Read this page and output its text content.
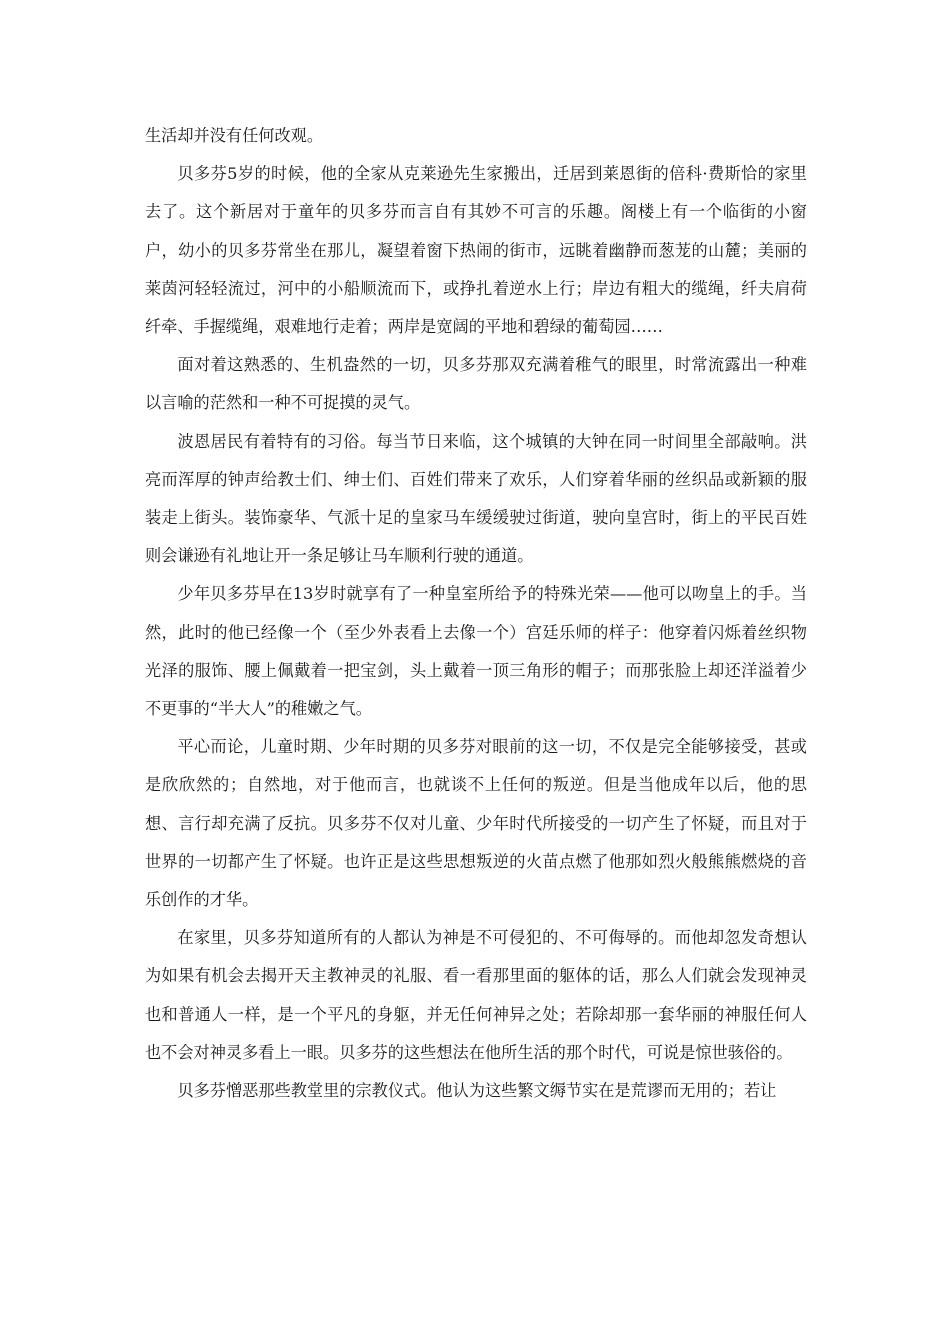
生活却并没有任何改观。

贝多芬5岁的时候，他的全家从克莱逊先生家搬出，迁居到莱恩街的倍科·费斯恰的家里去了。这个新居对于童年的贝多芬而言自有其妙不可言的乐趣。阁楼上有一个临街的小窗户，幼小的贝多芬常坐在那儿，凝望着窗下热闹的街市，远眺着幽静而葱茏的山麓；美丽的莱茵河轻轻流过，河中的小船顺流而下，或挣扎着逆水上行；岸边有粗大的缆绳，纤夫肩荷纤牵、手握缆绳，艰难地行走着；两岸是宽阔的平地和碧绿的葡萄园……

面对着这熟悉的、生机盎然的一切，贝多芬那双充满着稚气的眼里，时常流露出一种难以言喻的茫然和一种不可捉摸的灵气。

波恩居民有着特有的习俗。每当节日来临，这个城镇的大钟在同一时间里全部敲响。洪亮而浑厚的钟声给教士们、绅士们、百姓们带来了欢乐，人们穿着华丽的丝织品或新颖的服装走上街头。装饰豪华、气派十足的皇家马车缓缓驶过街道，驶向皇宫时，街上的平民百姓则会谦逊有礼地让开一条足够让马车顺利行驶的通道。

少年贝多芬早在13岁时就享有了一种皇室所给予的特殊光荣——他可以吻皇上的手。当然，此时的他已经像一个（至少外表看上去像一个）宫廷乐师的样子：他穿着闪烁着丝织物光泽的服饰、腰上佩戴着一把宝剑，头上戴着一顶三角形的帽子；而那张脸上却还洋溢着少不更事的“半大人”的稚嫩之气。

平心而论，儿童时期、少年时期的贝多芬对眼前的这一切，不仅是完全能够接受，甚或是欣欣然的；自然地，对于他而言，也就谈不上任何的叛逆。但是当他成年以后，他的思想、言行却充满了反抗。贝多芬不仅对儿童、少年时代所接受的一切产生了怀疑，而且对于世界的一切都产生了怀疑。也许正是这些思想叛逆的火苗点燃了他那如烈火般熊熊燃烧的音乐创作的才华。

在家里，贝多芬知道所有的人都认为神是不可侵犯的、不可侮辱的。而他却忽发奇想认为如果有机会去揭开天主教神灵的礼服、看一看那里面的躯体的话，那么人们就会发现神灵也和普通人一样，是一个平凡的身躯，并无任何神异之处；若除却那一套华丽的神服任何人也不会对神灵多看上一眼。贝多芬的这些想法在他所生活的那个时代，可说是惊世骇俗的。

贝多芬憎恶那些教堂里的宗教仪式。他认为这些繁文缛节实在是荒谬而无用的；若让
